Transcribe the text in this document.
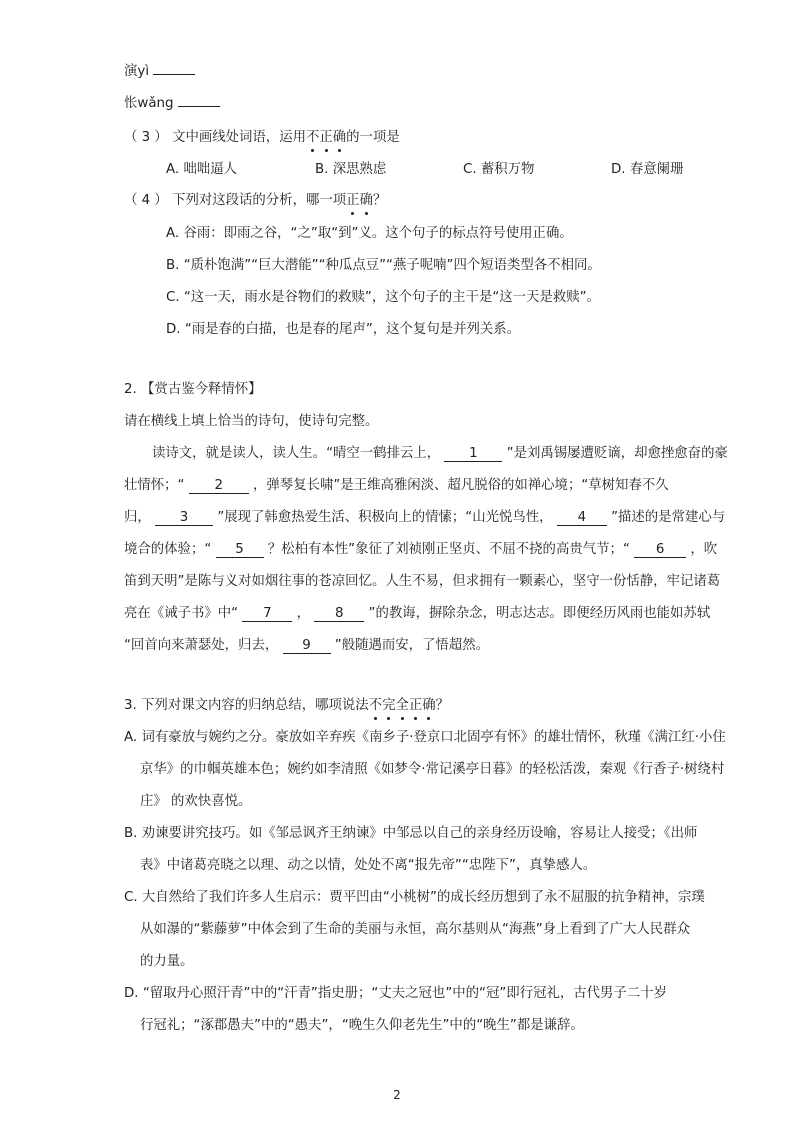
演yì
怅wǎng
（ 3 ） 文中画线处词语，运用不正确的一项是
A. 咄咄逼人	B. 深思熟虑	C. 蓄积万物	D. 春意阑珊
（ 4 ） 下列对这段话的分析，哪一项正确？
A. 谷雨：即雨之谷，“之”取“到”义。这个句子的标点符号使用正确。
B. “质朴饱满”“巨大潜能”“种瓜点豆”“燕子呢喃”四个短语类型各不相同。
C. “这一天，雨水是谷物们的救赎”，这个句子的主干是“这一天是救赎”。
D. “雨是春的白描，也是春的尾声”，这个复句是并列关系。
2. 【赏古鉴今释情怀】
请在横线上填上恰当的诗句，使诗句完整。
读诗文，就是读人，读人生。“晴空一鹤排云上， 1 ”是刘禹锡屡遭贬谪，却愈挫愈奋的豪
壮情怀；“ 2 ，弹琴复长啸”是王维高雅闲淡、超凡脱俗的如禅心境；“草树知春不久
归， 3 ”展现了韩愈热爱生活、积极向上的情愫；“山光悦鸟性， 4 ”描述的是常建心与
境合的体验；“ 5 ？松柏有本性”象征了刘祯刚正坚贞、不屈不挠的高贵气节；“ 6 ，吹
笛到天明”是陈与义对如烟往事的苍凉回忆。人生不易，但求拥有一颗素心，坚守一份恬静，牢记诸葛
亮在《诫子书》中“ 7 ， 8 ”的教诲，摒除杂念，明志达志。即便经历风雨也能如苏轼
“回首向来萧瑟处，归去， 9 ”般随遇而安，了悟超然。
3. 下列对课文内容的归纳总结，哪项说法不完全正确？
A. 词有豪放与婉约之分。豪放如辛弃疾《南乡子·登京口北固亭有怀》的雄壮情怀，秋瑾《满江红·小住
京华》的巾帼英雄本色；婉约如李清照《如梦令·常记溪亭日暮》的轻松活泼，秦观《行香子·树绕村
庄》 的欢快喜悦。
B. 劝谏要讲究技巧。如《邹忌讽齐王纳谏》中邹忌以自己的亲身经历设喻，容易让人接受；《出师
表》中诸葛亮晓之以理、动之以情，处处不离“报先帝”“忠陛下”，真挚感人。
C. 大自然给了我们许多人生启示：贾平凹由“小桃树”的成长经历想到了永不屈服的抗争精神，宗璞
从如瀑的“紫藤萝”中体会到了生命的美丽与永恒，高尔基则从“海燕”身上看到了广大人民群众
的力量。
D. “留取丹心照汗青”中的“汗青”指史册；“丈夫之冠也”中的“冠”即行冠礼，古代男子二十岁
行冠礼；“涿郡愚夫”中的“愚夫”，“晚生久仰老先生”中的“晚生”都是谦辞。
2
